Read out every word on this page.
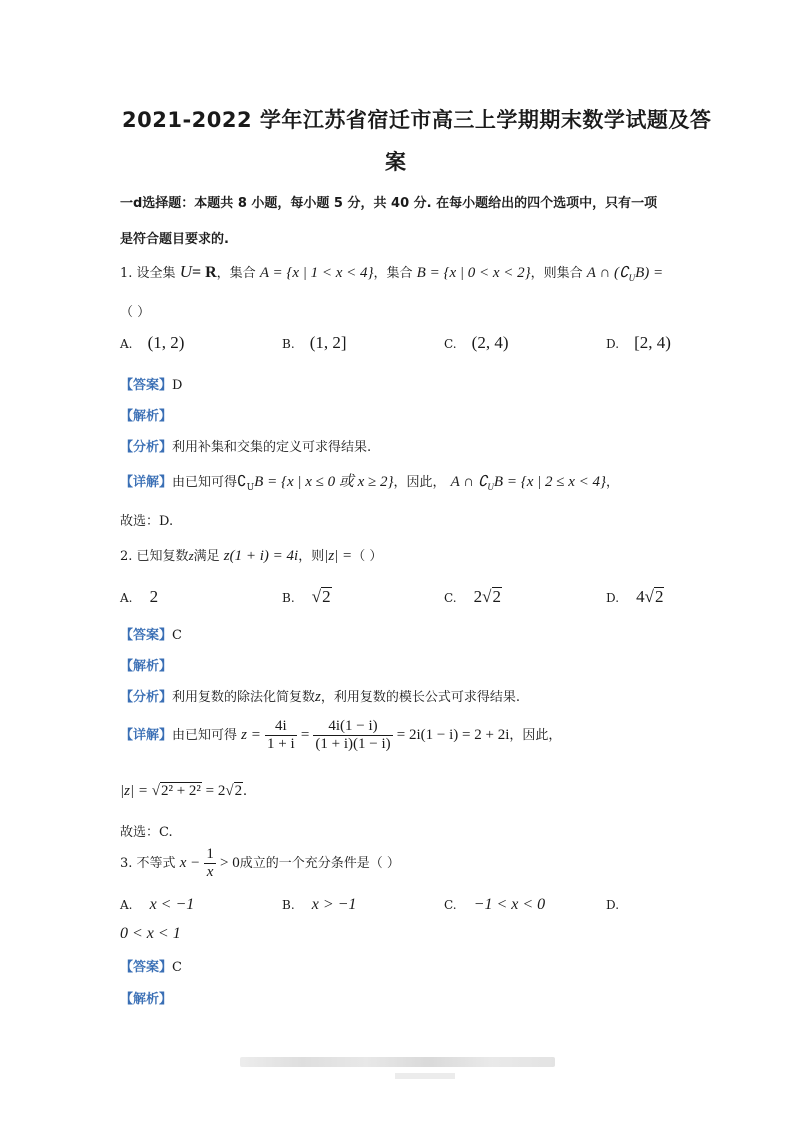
2021-2022 学年江苏省宿迁市高三上学期期末数学试题及答
案
一d选择题：本题共 8 小题，每小题 5 分，共 40 分. 在每小题给出的四个选项中，只有一项
是符合题目要求的.
1. 设全集 U= R，集合 A = {x | 1 < x < 4}，集合 B = {x | 0 < x < 2}，则集合 A ∩ $(∁_UB)$ =
（ ）
A. (1, 2)	B. (1, 2]	C. (2, 4)	D. [2, 4)
【答案】D
【解析】
【分析】利用补集和交集的定义可求得结果.
【详解】由已知可得$∁_UB = \{x$ | x ≤ 0 或 x ≥ 2}，因此， A ∩ $∁_UB = \{x$ | 2 ≤ x < 4}，
故选：D.
2. 已知复数z满足 z(1 + i) = 4i，则|z| =（ ）
A. 2	B. √2	C. 2√2	D. 4√2
【答案】C
【解析】
【分析】利用复数的除法化简复数z，利用复数的模长公式可求得结果.
【详解】由已知可得 $z = \frac{4i}{1 + i} = \frac{4i(1 - i)}{(1 + i)(1 - i)} = 2i(1 - i) = 2 + 2i$，因此，
|z| = √2² + 2² = 2√2.
故选：C.
3. 不等式 $x - \frac{1}{x} > 0$成立的一个充分条件是（ ）
A. x < −1	B. x > −1	C. −1 < x < 0	D.
0 < x < 1
【答案】C
【解析】
